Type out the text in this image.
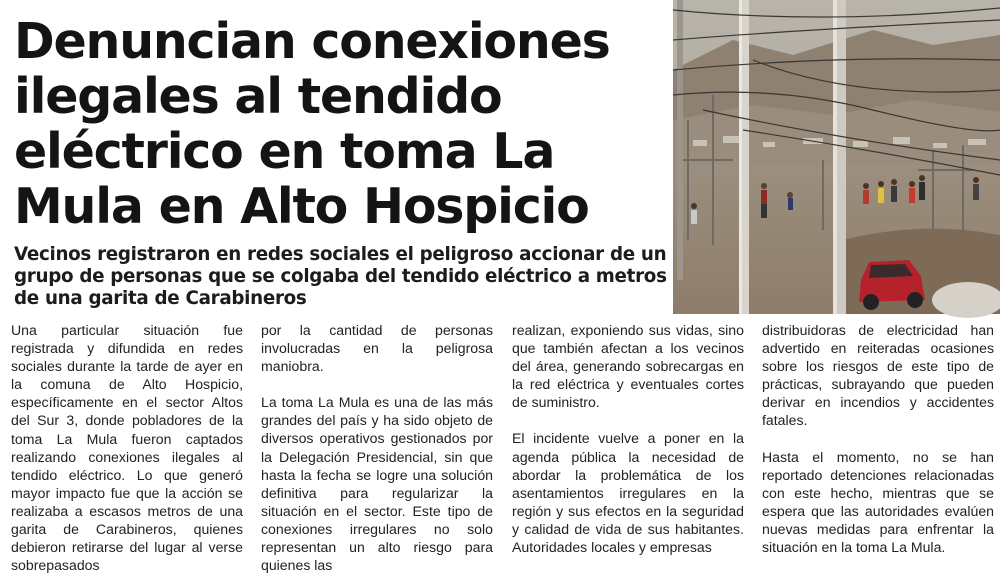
Denuncian conexiones ilegales al tendido eléctrico en toma La Mula en Alto Hospicio
Vecinos registraron en redes sociales el peligroso accionar de un grupo de personas que se colgaba del tendido eléctrico a metros de una garita de Carabineros

Una particular situación fue registrada y difundida en redes sociales durante la tarde de ayer en la comuna de Alto Hospicio, específicamente en el sector Altos del Sur 3, donde pobladores de la toma La Mula fueron captados realizando conexiones ilegales al tendido eléctrico. Lo que generó mayor impacto fue que la acción se realizaba a escasos metros de una garita de Carabineros, quienes debieron retirarse del lugar al verse sobrepasados

por la cantidad de personas involucradas en la peligrosa maniobra.

La toma La Mula es una de las más grandes del país y ha sido objeto de diversos operativos gestionados por la Delegación Presidencial, sin que hasta la fecha se logre una solución definitiva para regularizar la situación en el sector. Este tipo de conexiones irregulares no solo representan un alto riesgo para quienes las

realizan, exponiendo sus vidas, sino que también afectan a los vecinos del área, generando sobrecargas en la red eléctrica y eventuales cortes de suministro.

El incidente vuelve a poner en la agenda pública la necesidad de abordar la problemática de los asentamientos irregulares en la región y sus efectos en la seguridad y calidad de vida de sus habitantes. Autoridades locales y empresas

distribuidoras de electricidad han advertido en reiteradas ocasiones sobre los riesgos de este tipo de prácticas, subrayando que pueden derivar en incendios y accidentes fatales.

Hasta el momento, no se han reportado detenciones relacionadas con este hecho, mientras que se espera que las autoridades evalúen nuevas medidas para enfrentar la situación en la toma La Mula.
